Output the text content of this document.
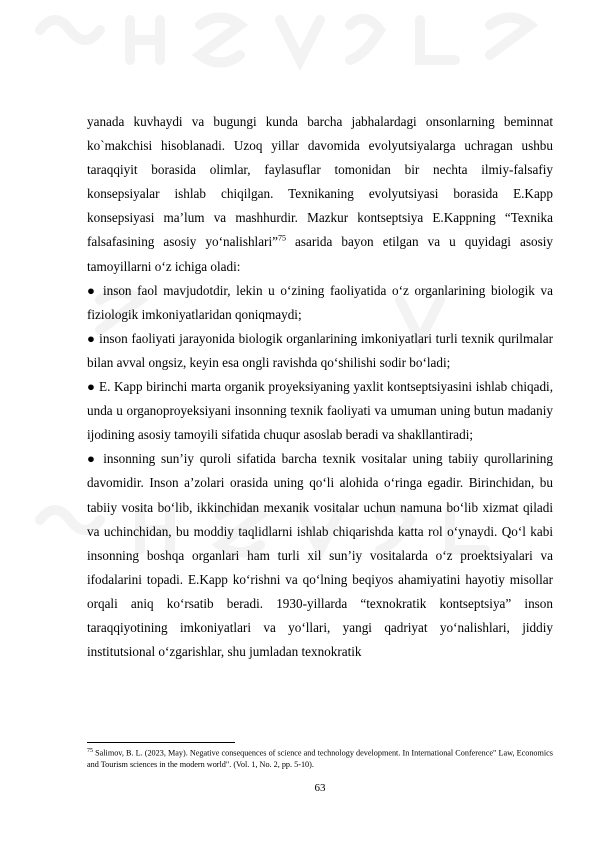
yanada kuvhaydi va bugungi kunda barcha jabhalardagi onsonlarning beminnat ko`makchisi hisoblanadi. Uzoq yillar davomida evolyutsiyalarga uchragan ushbu taraqqiyit borasida olimlar, faylasuflar tomonidan bir nechta ilmiy-falsafiy konsepsiyalar ishlab chiqilgan. Texnikaning evolyutsiyasi borasida E.Kapp konsepsiyasi ma’lum va mashhurdir. Mazkur kontseptsiya E.Kappning “Texnika falsafasining asosiy yo‘nalishlari”$^{75}$ asarida bayon etilgan va u quyidagi asosiy tamoyillarni o‘z ichiga oladi:

● inson faol mavjudotdir, lekin u o‘zining faoliyatida o‘z organlarining biologik va fiziologik imkoniyatlaridan qoniqmaydi;

● inson faoliyati jarayonida biologik organlarining imkoniyatlari turli texnik qurilmalar bilan avval ongsiz, keyin esa ongli ravishda qo‘shilishi sodir bo‘ladi;

● E. Kapp birinchi marta organik proyeksiyaning yaxlit kontseptsiyasini ishlab chiqadi, unda u organoproyeksiyani insonning texnik faoliyati va umuman uning butun madaniy ijodining asosiy tamoyili sifatida chuqur asoslab beradi va shakllantiradi;

● insonning sun’iy quroli sifatida barcha texnik vositalar uning tabiiy qurollarining davomidir. Inson a’zolari orasida uning qo‘li alohida o‘ringa egadir. Birinchidan, bu tabiiy vosita bo‘lib, ikkinchidan mexanik vositalar uchun namuna bo‘lib xizmat qiladi va uchinchidan, bu moddiy taqlidlarni ishlab chiqarishda katta rol o‘ynaydi. Qo‘l kabi insonning boshqa organlari ham turli xil sun’iy vositalarda o‘z proektsiyalari va ifodalarini topadi. E.Kapp ko‘rishni va qo‘lning beqiyos ahamiyatini hayotiy misollar orqali aniq ko‘rsatib beradi. 1930-yillarda “texnokratik kontseptsiya” inson taraqqiyotining imkoniyatlari va yo‘llari, yangi qadriyat yo‘nalishlari, jiddiy institutsional o‘zgarishlar, shu jumladan texnokratik

$^{75}$ Salimov, B. L. (2023, May). Negative consequences of science and technology development. In International Conference" Law, Economics and Tourism sciences in the modern world". (Vol. 1, No. 2, pp. 5-10).
63
